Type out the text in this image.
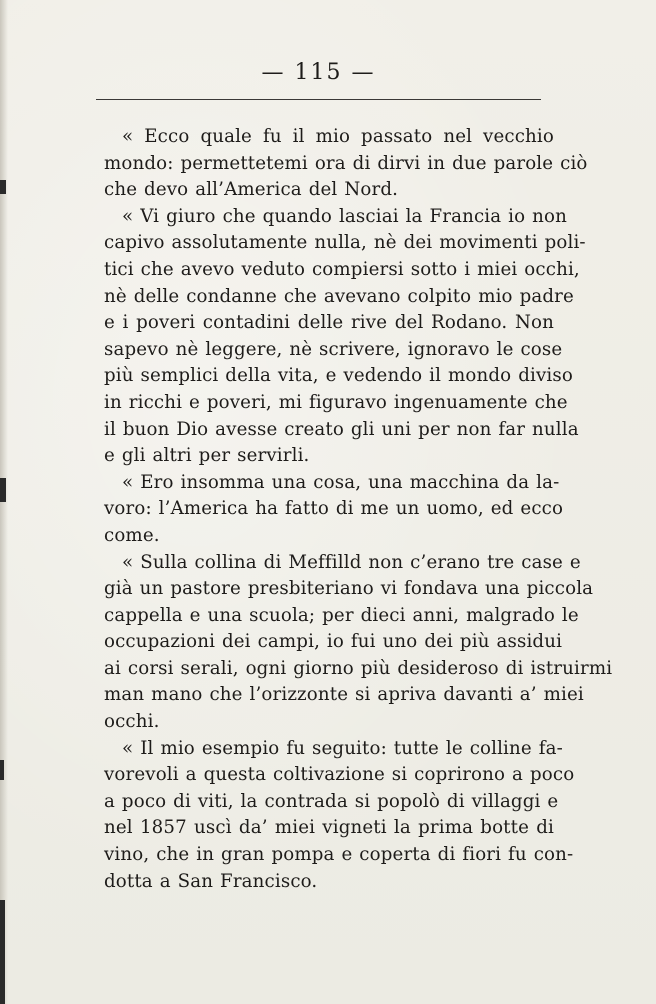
— 115 —
« Ecco quale fu il mio passato nel vecchio
mondo: permettetemi ora di dirvi in due parole ciò
che devo all’America del Nord.
« Vi giuro che quando lasciai la Francia io non
capivo assolutamente nulla, nè dei movimenti poli-
tici che avevo veduto compiersi sotto i miei occhi,
nè delle condanne che avevano colpito mio padre
e i poveri contadini delle rive del Rodano. Non
sapevo nè leggere, nè scrivere, ignoravo le cose
più semplici della vita, e vedendo il mondo diviso
in ricchi e poveri, mi figuravo ingenuamente che
il buon Dio avesse creato gli uni per non far nulla
e gli altri per servirli.
« Ero insomma una cosa, una macchina da la-
voro: l’America ha fatto di me un uomo, ed ecco
come.
« Sulla collina di Meffilld non c’erano tre case e
già un pastore presbiteriano vi fondava una piccola
cappella e una scuola; per dieci anni, malgrado le
occupazioni dei campi, io fui uno dei più assidui
ai corsi serali, ogni giorno più desideroso di istruirmi
man mano che l’orizzonte si apriva davanti a’ miei
occhi.
« Il mio esempio fu seguito: tutte le colline fa-
vorevoli a questa coltivazione si coprirono a poco
a poco di viti, la contrada si popolò di villaggi e
nel 1857 uscì da’ miei vigneti la prima botte di
vino, che in gran pompa e coperta di fiori fu con-
dotta a San Francisco.
